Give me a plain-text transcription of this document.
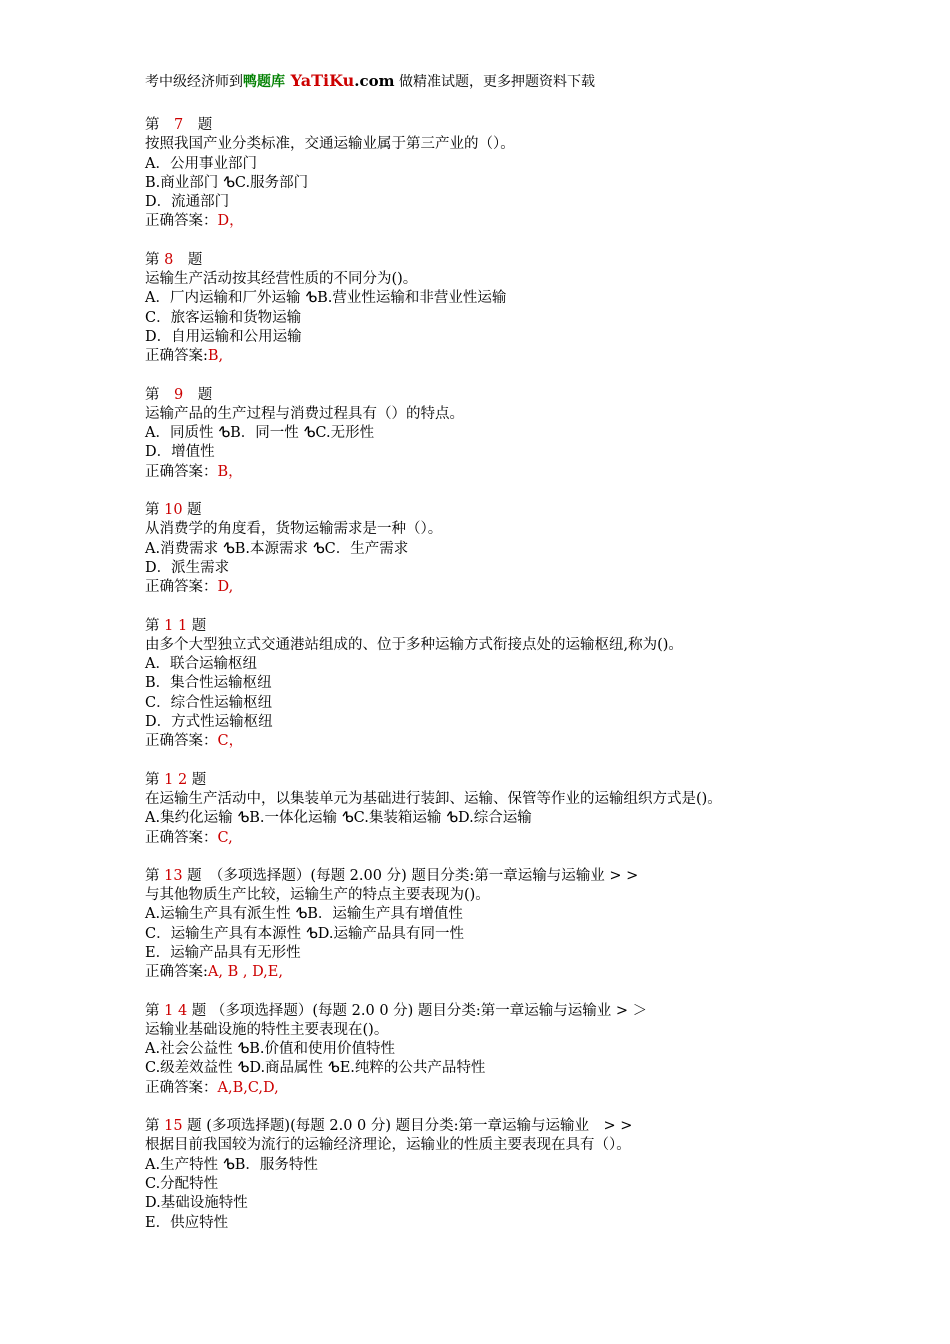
考中级经济师到鸭题库 YaTiKu.com 做精准试题，更多押题资料下载
第　7　题
按照我国产业分类标准，交通运输业属于第三产业的（）。
A．公用事业部门
B.商业部门 ᕹC.服务部门
D．流通部门
正确答案：D，
第 8　题
运输生产活动按其经营性质的不同分为()。
A．厂内运输和厂外运输 ᕹB.营业性运输和非营业性运输
C．旅客运输和货物运输
D．自用运输和公用运输
正确答案:B,
第　9　题
运输产品的生产过程与消费过程具有（）的特点。
A．同质性 ᕹB．同一性 ᕹC.无形性
D．增值性
正确答案：B，
第 10 题
从消费学的角度看，货物运输需求是一种（）。
A.消费需求 ᕹB.本源需求 ᕹC．生产需求
D．派生需求
正确答案：D,
第 1 1 题
由多个大型独立式交通港站组成的、位于多种运输方式衔接点处的运输枢纽,称为()。
A．联合运输枢纽
B．集合性运输枢纽
C．综合性运输枢纽
D．方式性运输枢纽
正确答案：C，
第 1 2 题
在运输生产活动中，以集装单元为基础进行装卸、运输、保管等作业的运输组织方式是()。
A.集约化运输 ᕹB.一体化运输 ᕹC.集装箱运输 ᕹD.综合运输
正确答案：C,
第 13 题　（多项选择题）(每题 2.00 分) 题目分类:第一章运输与运输业 > >
与其他物质生产比较，运输生产的特点主要表现为()。
A.运输生产具有派生性 ᕹB．运输生产具有增值性
C．运输生产具有本源性 ᕹD.运输产品具有同一性
E．运输产品具有无形性
正确答案:A, B , D,E,
第 1 4 题 （多项选择题）(每题 2.0 0 分) 题目分类:第一章运输与运输业 > ＞
运输业基础设施的特性主要表现在()。
A.社会公益性 ᕹB.价值和使用价值特性
C.级差效益性 ᕹD.商品属性 ᕹE.纯粹的公共产品特性
正确答案：A,B,C,D,
第 15 题 (多项选择题)(每题 2.0 0 分) 题目分类:第一章运输与运输业　> >
根据目前我国较为流行的运输经济理论，运输业的性质主要表现在具有（）。
A.生产特性 ᕹB．服务特性
C.分配特性
D.基础设施特性
E．供应特性
